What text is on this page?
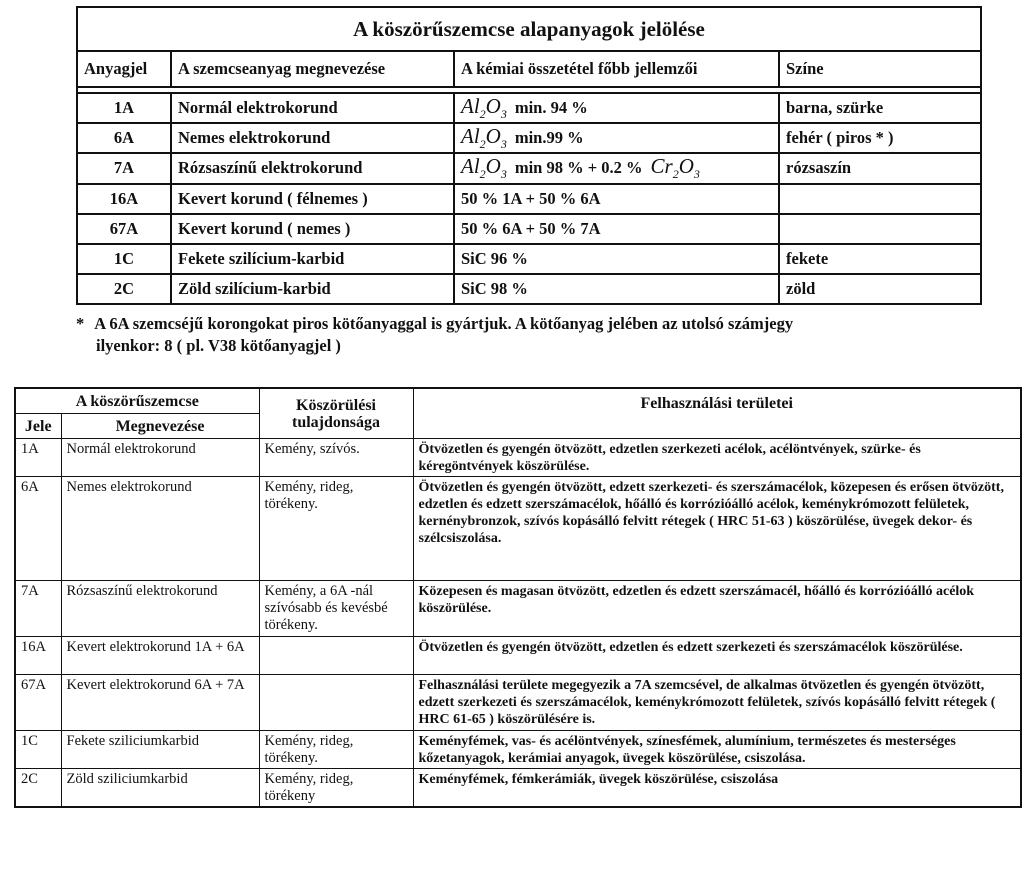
A köszörűszemcse alapanyagok jelölése			
Anyagjel	A szemcseanyag megnevezése	A kémiai összetétel főbb jellemzői	Színe

1A	Normál elektrokorund	$Al_2O_3$ min. 94 %	barna, szürke
6A	Nemes elektrokorund	$Al_2O_3$ min.99 %	fehér ( piros * )
7A	Rózsaszínű elektrokorund	$Al_2O_3$ min 98 % + 0.2 % $Cr_2O_3$	rózsaszín
16A	Kevert korund ( félnemes )	50 % 1A + 50 % 6A	
67A	Kevert korund ( nemes )	50 % 6A + 50 % 7A	
1C	Fekete szilícium-karbid	SiC 96 %	fekete
2C	Zöld szilícium-karbid	SiC 98 %	zöld
* A 6A szemcséjű korongokat piros kötőanyaggal is gyártjuk. A kötőanyag jelében az utolsó számjegy
ilyenkor: 8 ( pl. V38 kötőanyagjel )
A köszörűszemcse		Köszörülési tulajdonsága	Felhasználási területei
Jele	Megnevezése		
1A	Normál elektrokorund	Kemény, szívós.	Ötvözetlen és gyengén ötvözött, edzetlen szerkezeti acélok, acélöntvények, szürke- és kéregöntvények köszörülése.
6A	Nemes elektrokorund	Kemény, rideg, törékeny.	Ötvözetlen és gyengén ötvözött, edzett szerkezeti- és szerszámacélok, közepesen és erősen ötvözött, edzetlen és edzett szerszámacélok, hőálló és korrózióálló acélok, keménykrómozott felületek, kernénybronzok, szívós kopásálló felvitt rétegek ( HRC 51-63 ) köszörülése, üvegek dekor- és szélcsiszolása.
7A	Rózsaszínű elektrokorund	Kemény, a 6A -nál szívósabb és kevésbé törékeny.	Közepesen és magasan ötvözött, edzetlen és edzett szerszámacél, hőálló és korrózióálló acélok köszörülése.
16A	Kevert elektrokorund 1A + 6A		Ötvözetlen és gyengén ötvözött, edzetlen és edzett szerkezeti és szerszámacélok köszörülése.
67A	Kevert elektrokorund 6A + 7A		Felhasználási területe megegyezik a 7A szemcsével, de alkalmas ötvözetlen és gyengén ötvözött, edzett szerkezeti és szerszámacélok, keménykrómozott felületek, szívós kopásálló felvitt rétegek ( HRC 61-65 ) köszörülésére is.
1C	Fekete sziliciumkarbid	Kemény, rideg, törékeny.	Keményfémek, vas- és acélöntvények, színesfémek, alumínium, természetes és mesterséges kőzetanyagok, kerámiai anyagok, üvegek köszörülése, csiszolása.
2C	Zöld sziliciumkarbid	Kemény, rideg, törékeny	Keményfémek, fémkerámiák, üvegek köszörülése, csiszolása
